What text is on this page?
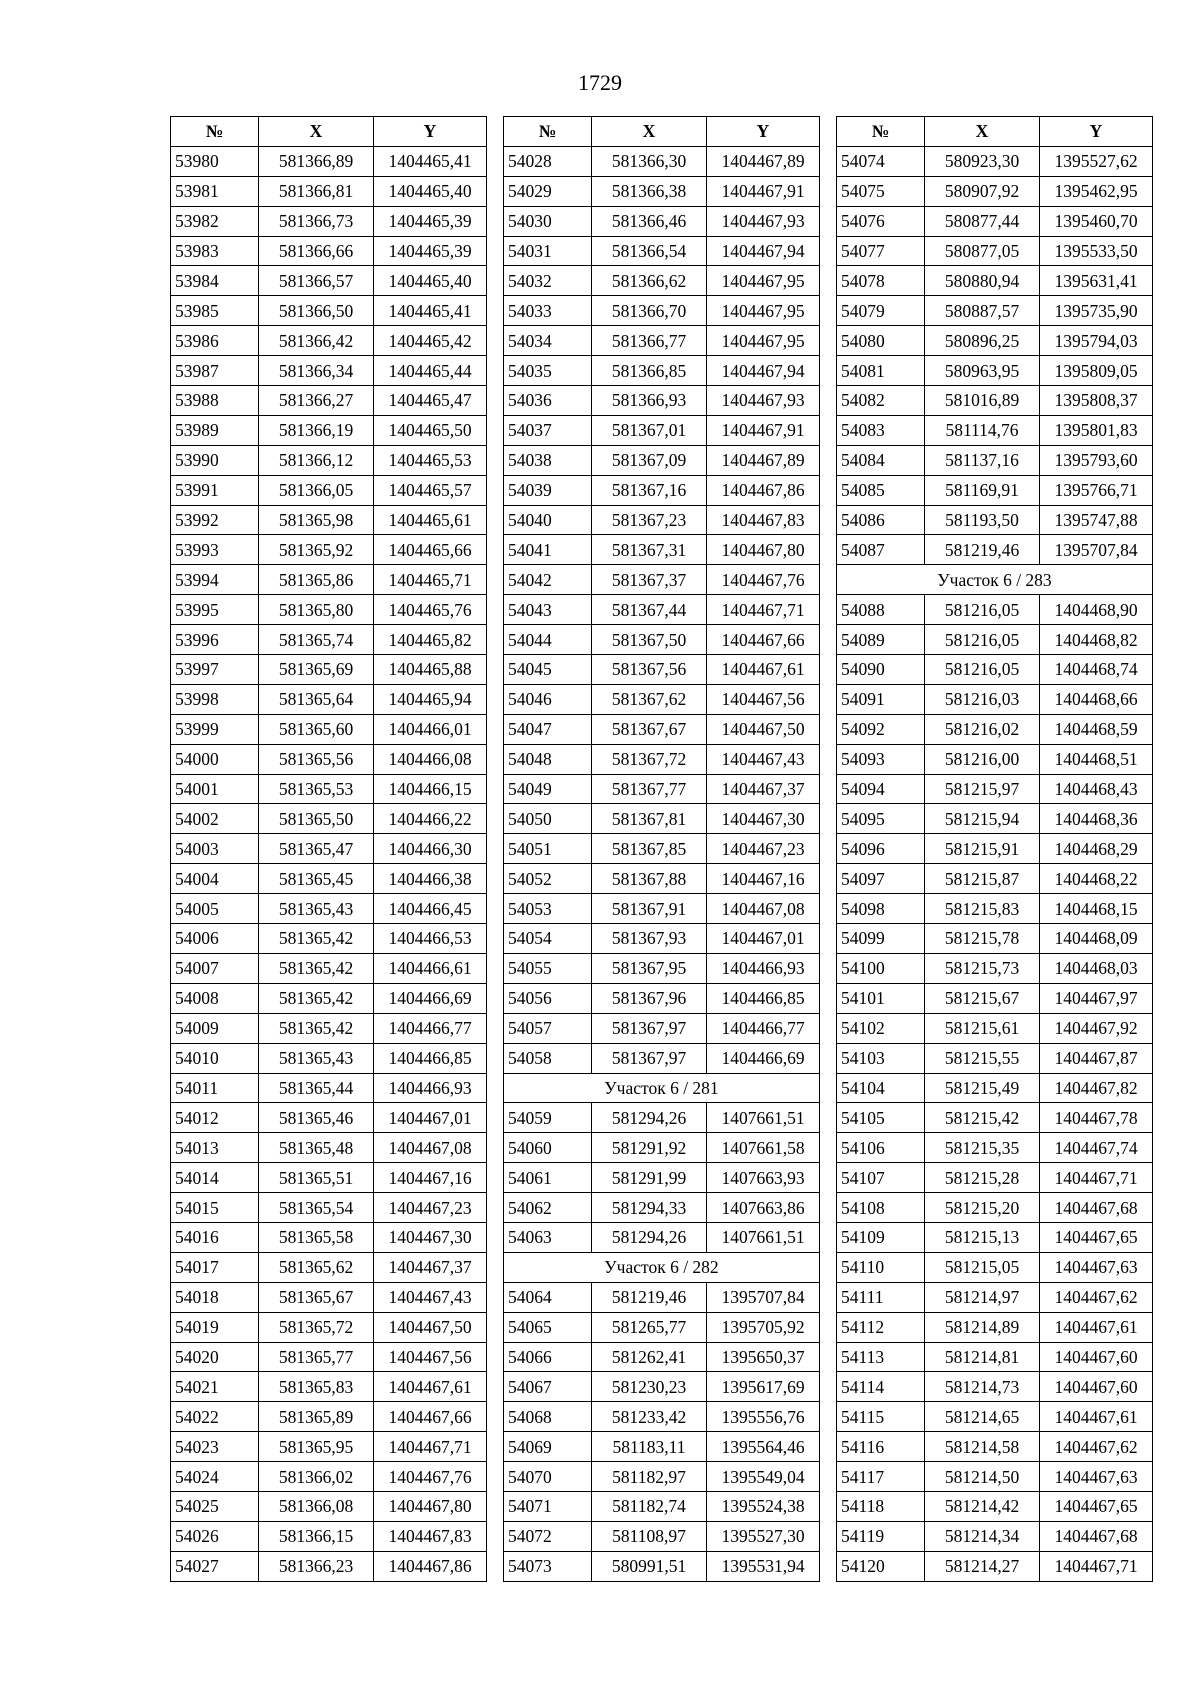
1729
№	X	Y
53980	581366,89	1404465,41
53981	581366,81	1404465,40
53982	581366,73	1404465,39
53983	581366,66	1404465,39
53984	581366,57	1404465,40
53985	581366,50	1404465,41
53986	581366,42	1404465,42
53987	581366,34	1404465,44
53988	581366,27	1404465,47
53989	581366,19	1404465,50
53990	581366,12	1404465,53
53991	581366,05	1404465,57
53992	581365,98	1404465,61
53993	581365,92	1404465,66
53994	581365,86	1404465,71
53995	581365,80	1404465,76
53996	581365,74	1404465,82
53997	581365,69	1404465,88
53998	581365,64	1404465,94
53999	581365,60	1404466,01
54000	581365,56	1404466,08
54001	581365,53	1404466,15
54002	581365,50	1404466,22
54003	581365,47	1404466,30
54004	581365,45	1404466,38
54005	581365,43	1404466,45
54006	581365,42	1404466,53
54007	581365,42	1404466,61
54008	581365,42	1404466,69
54009	581365,42	1404466,77
54010	581365,43	1404466,85
54011	581365,44	1404466,93
54012	581365,46	1404467,01
54013	581365,48	1404467,08
54014	581365,51	1404467,16
54015	581365,54	1404467,23
54016	581365,58	1404467,30
54017	581365,62	1404467,37
54018	581365,67	1404467,43
54019	581365,72	1404467,50
54020	581365,77	1404467,56
54021	581365,83	1404467,61
54022	581365,89	1404467,66
54023	581365,95	1404467,71
54024	581366,02	1404467,76
54025	581366,08	1404467,80
54026	581366,15	1404467,83
54027	581366,23	1404467,86
№	X	Y
54028	581366,30	1404467,89
54029	581366,38	1404467,91
54030	581366,46	1404467,93
54031	581366,54	1404467,94
54032	581366,62	1404467,95
54033	581366,70	1404467,95
54034	581366,77	1404467,95
54035	581366,85	1404467,94
54036	581366,93	1404467,93
54037	581367,01	1404467,91
54038	581367,09	1404467,89
54039	581367,16	1404467,86
54040	581367,23	1404467,83
54041	581367,31	1404467,80
54042	581367,37	1404467,76
54043	581367,44	1404467,71
54044	581367,50	1404467,66
54045	581367,56	1404467,61
54046	581367,62	1404467,56
54047	581367,67	1404467,50
54048	581367,72	1404467,43
54049	581367,77	1404467,37
54050	581367,81	1404467,30
54051	581367,85	1404467,23
54052	581367,88	1404467,16
54053	581367,91	1404467,08
54054	581367,93	1404467,01
54055	581367,95	1404466,93
54056	581367,96	1404466,85
54057	581367,97	1404466,77
54058	581367,97	1404466,69
Участок 6 / 281		
54059	581294,26	1407661,51
54060	581291,92	1407661,58
54061	581291,99	1407663,93
54062	581294,33	1407663,86
54063	581294,26	1407661,51
Участок 6 / 282		
54064	581219,46	1395707,84
54065	581265,77	1395705,92
54066	581262,41	1395650,37
54067	581230,23	1395617,69
54068	581233,42	1395556,76
54069	581183,11	1395564,46
54070	581182,97	1395549,04
54071	581182,74	1395524,38
54072	581108,97	1395527,30
54073	580991,51	1395531,94
№	X	Y
54074	580923,30	1395527,62
54075	580907,92	1395462,95
54076	580877,44	1395460,70
54077	580877,05	1395533,50
54078	580880,94	1395631,41
54079	580887,57	1395735,90
54080	580896,25	1395794,03
54081	580963,95	1395809,05
54082	581016,89	1395808,37
54083	581114,76	1395801,83
54084	581137,16	1395793,60
54085	581169,91	1395766,71
54086	581193,50	1395747,88
54087	581219,46	1395707,84
Участок 6 / 283		
54088	581216,05	1404468,90
54089	581216,05	1404468,82
54090	581216,05	1404468,74
54091	581216,03	1404468,66
54092	581216,02	1404468,59
54093	581216,00	1404468,51
54094	581215,97	1404468,43
54095	581215,94	1404468,36
54096	581215,91	1404468,29
54097	581215,87	1404468,22
54098	581215,83	1404468,15
54099	581215,78	1404468,09
54100	581215,73	1404468,03
54101	581215,67	1404467,97
54102	581215,61	1404467,92
54103	581215,55	1404467,87
54104	581215,49	1404467,82
54105	581215,42	1404467,78
54106	581215,35	1404467,74
54107	581215,28	1404467,71
54108	581215,20	1404467,68
54109	581215,13	1404467,65
54110	581215,05	1404467,63
54111	581214,97	1404467,62
54112	581214,89	1404467,61
54113	581214,81	1404467,60
54114	581214,73	1404467,60
54115	581214,65	1404467,61
54116	581214,58	1404467,62
54117	581214,50	1404467,63
54118	581214,42	1404467,65
54119	581214,34	1404467,68
54120	581214,27	1404467,71
